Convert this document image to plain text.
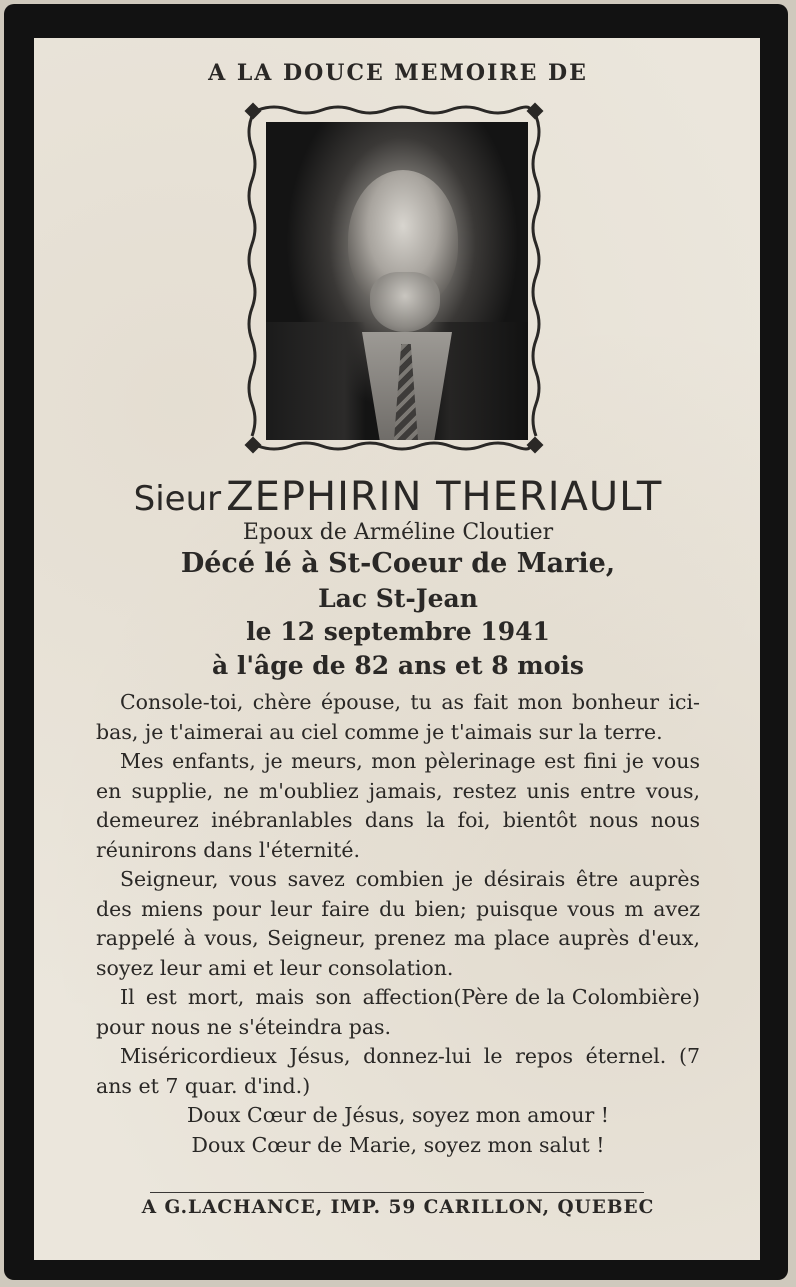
A LA DOUCE MEMOIRE DE
Sieur ZEPHIRIN THERIAULT
Epoux de Arméline Cloutier
Décé lé à St-Coeur de Marie,
Lac St-Jean
le 12 septembre 1941
à l'âge de 82 ans et 8 mois

Console-toi, chère épouse, tu as fait mon bonheur ici-bas, je t'aimerai au ciel comme je t'aimais sur la terre.

Mes enfants, je meurs, mon pèlerinage est fini je vous en supplie, ne m'oubliez jamais, restez unis entre vous, demeurez inébranlables dans la foi, bientôt nous nous réunirons dans l'éternité.

Seigneur, vous savez combien je désirais être auprès des miens pour leur faire du bien; puisque vous m avez rappelé à vous, Seigneur, prenez ma place auprès d'eux, soyez leur ami et leur consolation.
(Père de la Colombière)

Il est mort, mais son affection pour nous ne s'éteindra pas.

Miséricordieux Jésus, donnez-lui le repos éternel. (7 ans et 7 quar. d'ind.)

Doux Cœur de Jésus, soyez mon amour !

Doux Cœur de Marie, soyez mon salut !

A G.LACHANCE, IMP. 59 CARILLON, QUEBEC
